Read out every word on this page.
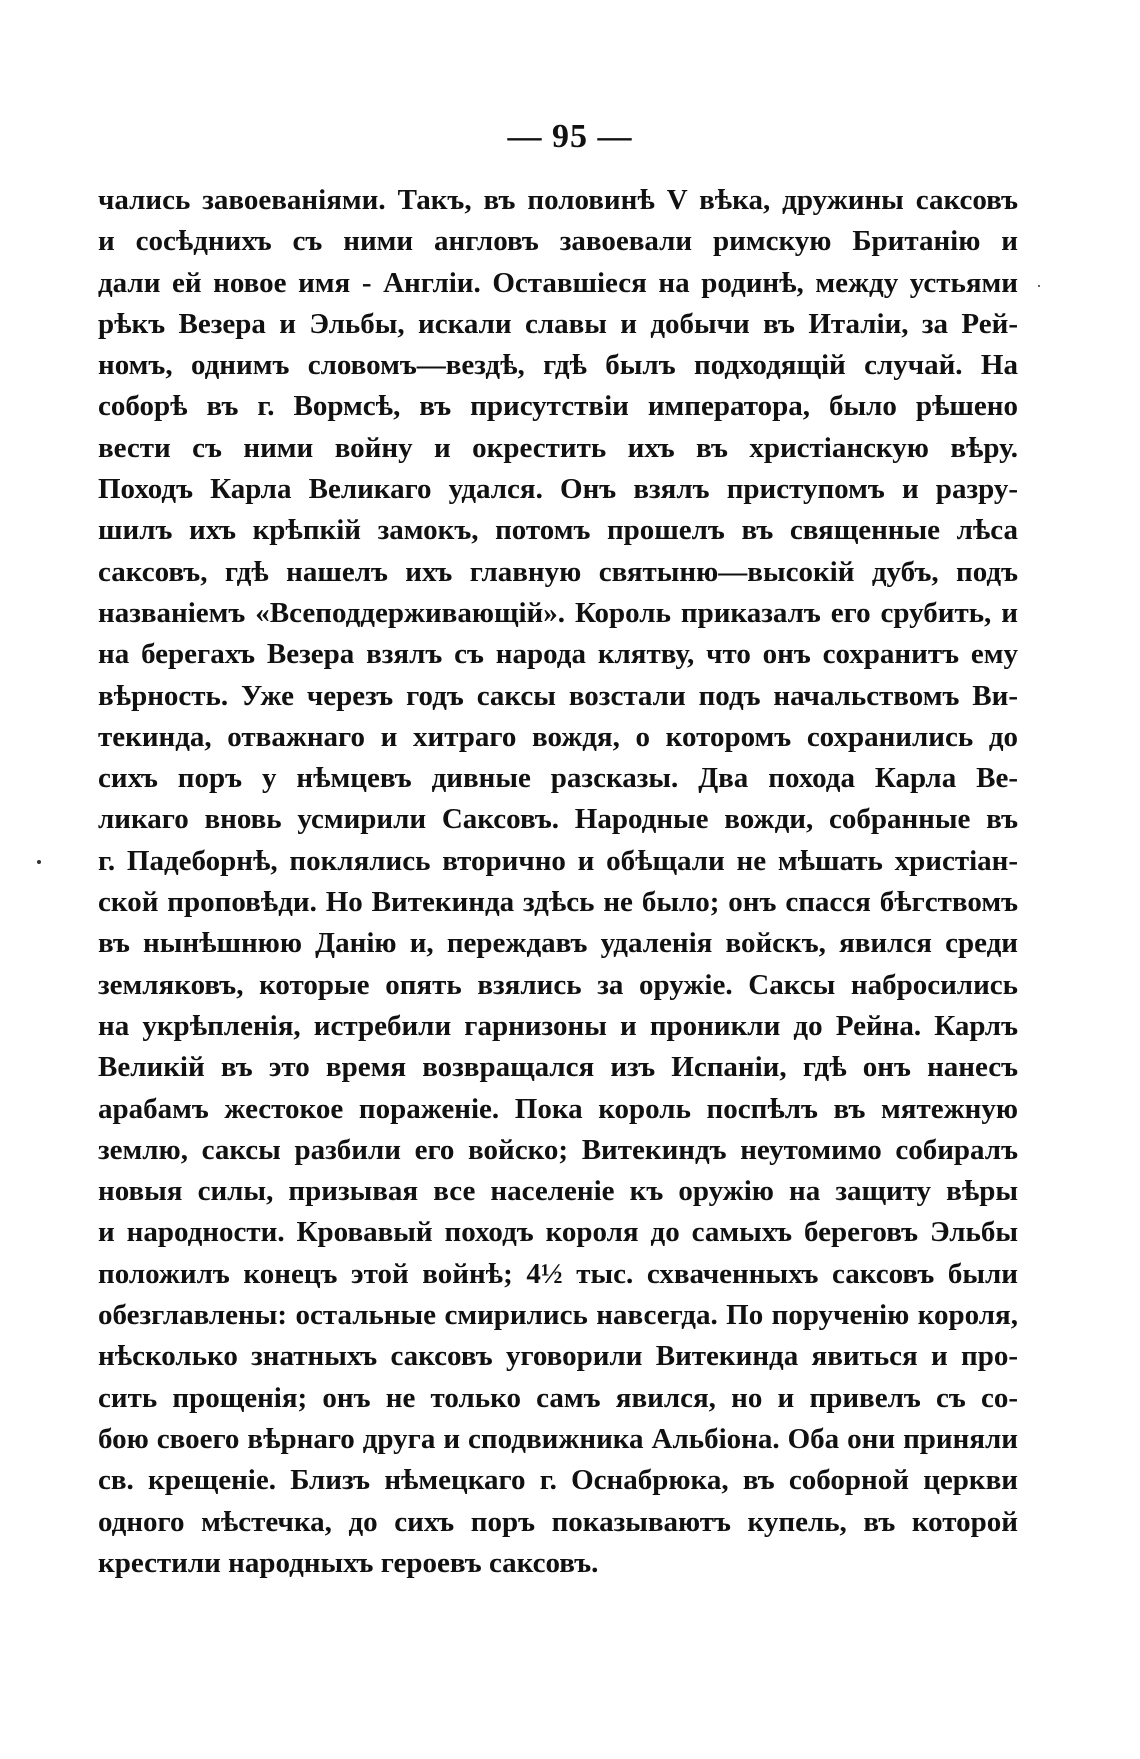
— 95 —
чались завоеваніями. Такъ, въ половинѣ V вѣка, дружины саксовъ
и сосѣднихъ съ ними англовъ завоевали римскую Британію и
дали ей новое имя - Англіи. Оставшіеся на родинѣ, между устьями
рѣкъ Везера и Эльбы, искали славы и добычи въ Италіи, за Рей-
номъ, однимъ словомъ—вездѣ, гдѣ былъ подходящій случай. На
соборѣ въ г. Вормсѣ, въ присутствіи императора, было рѣшено
вести съ ними войну и окрестить ихъ въ христіанскую вѣру.
Походъ Карла Великаго удался. Онъ взялъ приступомъ и разру-
шилъ ихъ крѣпкій замокъ, потомъ прошелъ въ священные лѣса
саксовъ, гдѣ нашелъ ихъ главную святыню—высокій дубъ, подъ
названіемъ «Всеподдерживающій». Король приказалъ его срубить, и
на берегахъ Везера взялъ съ народа клятву, что онъ сохранитъ ему
вѣрность. Уже черезъ годъ саксы возстали подъ начальствомъ Ви-
текинда, отважнаго и хитраго вождя, о которомъ сохранились до
сихъ поръ у нѣмцевъ дивные разсказы. Два похода Карла Ве-
ликаго вновь усмирили Саксовъ. Народные вожди, собранные въ
г. Падеборнѣ, поклялись вторично и обѣщали не мѣшать христіан-
ской проповѣди. Но Витекинда здѣсь не было; онъ спасся бѣгствомъ
въ нынѣшнюю Данію и, переждавъ удаленія войскъ, явился среди
земляковъ, которые опять взялись за оружіе. Саксы набросились
на укрѣпленія, истребили гарнизоны и проникли до Рейна. Карлъ
Великій въ это время возвращался изъ Испаніи, гдѣ онъ нанесъ
арабамъ жестокое пораженіе. Пока король поспѣлъ въ мятежную
землю, саксы разбили его войско; Витекиндъ неутомимо собиралъ
новыя силы, призывая все населеніе къ оружію на защиту вѣры
и народности. Кровавый походъ короля до самыхъ береговъ Эльбы
положилъ конецъ этой войнѣ; 4½ тыс. схваченныхъ саксовъ были
обезглавлены: остальные смирились навсегда. По порученію короля,
нѣсколько знатныхъ саксовъ уговорили Витекинда явиться и про-
сить прощенія; онъ не только самъ явился, но и привелъ съ со-
бою своего вѣрнаго друга и сподвижника Альбіона. Оба они приняли
св. крещеніе. Близъ нѣмецкаго г. Оснабрюка, въ соборной церкви
одного мѣстечка, до сихъ поръ показываютъ купель, въ которой
крестили народныхъ героевъ саксовъ.
